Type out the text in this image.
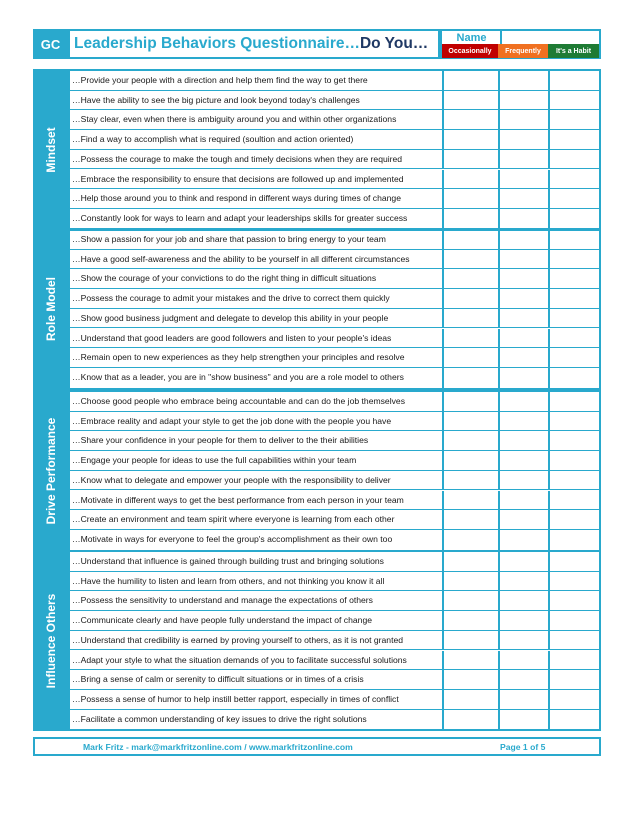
GC Leadership Behaviors Questionnaire… Do You…	Name
Occasionally	Frequently	It's a Habit
Mindset
…Provide your people with a direction and help them find the way to get there
…Have the ability to see the big picture and look beyond today's challenges
…Stay clear, even when there is ambiguity around you and within other organizations
…Find a way to accomplish what is required (soultion and action oriented)
…Possess the courage to make the tough and timely decisions when they are required
…Embrace the responsibility to ensure that decisions are followed up and implemented
…Help those around you to think and respond in different ways during times of change
…Constantly look for ways to learn and adapt your leaderships skills for greater success
Role Model
…Show a passion for your job and share that passion to bring energy to your team
…Have a good self-awareness and the ability to be yourself in all different circumstances
…Show the courage of your convictions to do the right thing in difficult situations
…Possess the courage to admit your mistakes and the drive to correct them quickly
…Show good business judgment and delegate to develop this ability in your people
…Understand that good leaders are good followers and listen to your people's ideas
…Remain open to new experiences as they help strengthen your principles and resolve
…Know that as a leader, you are in "show business" and you are a role model to others
Drive Performance
…Choose good people who embrace being accountable and can do the job themselves
…Embrace reality and adapt your style to get the job done with the people you have
…Share your confidence in your people for them to deliver to the their abilities
…Engage your people for ideas to use the full capabilities within your team
…Know what to delegate and empower your people with the responsibility to deliver
…Motivate in different ways to get the best performance from each person in your team
…Create an environment and team spirit where everyone is learning from each other
…Motivate in ways for everyone to feel the group's accomplishment as their own too
Influence Others
…Understand that influence is gained through building trust and bringing solutions
…Have the humility to listen and learn from others, and not thinking you know it all
…Possess the sensitivity to understand and manage the expectations of others
…Communicate clearly and have people fully understand the impact of change
…Understand that credibility is earned by proving yourself to others, as it is not granted
…Adapt your style to what the situation demands of you to facilitate successful solutions
…Bring a sense of calm or serenity to difficult situations or in times of a crisis
…Possess a sense of humor to help instill better rapport, especially in times of conflict
…Facilitate a common understanding of key issues to drive the right solutions
Mark Fritz - mark@markfritzonline.com / www.markfritzonline.com	Page 1 of 5
